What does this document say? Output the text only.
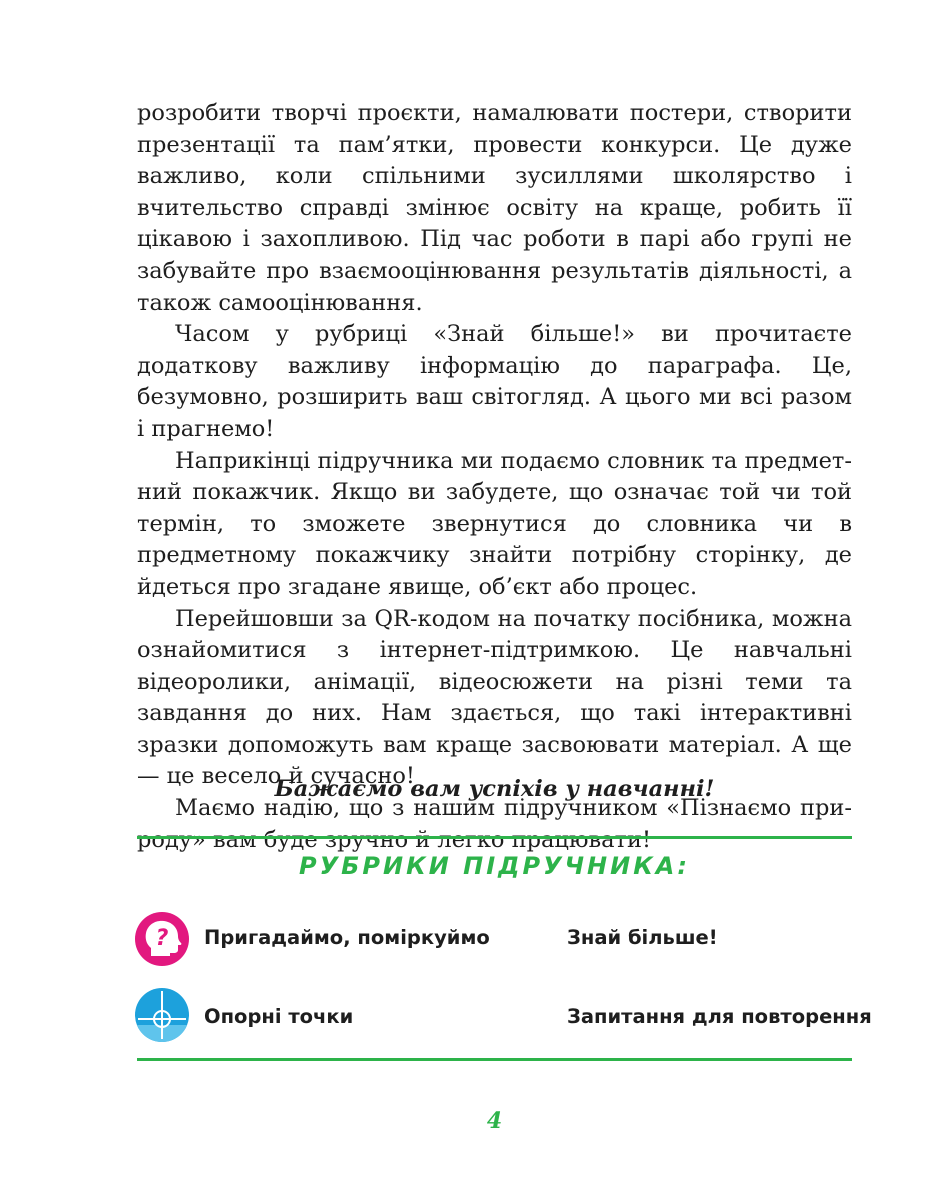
розробити творчі проєкти, намалювати постери, створити презентації та пам’ятки, провести конкурси. Це дуже важливо, коли спільними зусиллями школярство і вчительство справді змінює освіту на краще, робить її цікавою і захопливою. Під час роботи в парі або групі не забувайте про взаємооцінювання результатів діяльності, а також самооцінювання.

Часом у рубриці «Знай більше!» ви прочитаєте додаткову важливу інформацію до параграфа. Це, безумовно, розширить ваш світогляд. А цього ми всі разом і прагнемо!

Наприкінці підручника ми подаємо словник та предметний покажчик. Якщо ви забудете, що означає той чи той термін, то зможете звернутися до словника чи в предметному покажчику знайти потрібну сторінку, де йдеться про згадане явище, об’єкт або процес.

Перейшовши за QR-кодом на початку посібника, можна ознайомитися з інтернет-підтримкою. Це навчальні відеоролики, анімації, відеосюжети на різні теми та завдання до них. Нам здається, що такі інтерактивні зразки допоможуть вам краще засвоювати матеріал. А ще — це весело й сучасно!

Маємо надію, що з нашим підручником «Пізнаємо природу» вам буде зручно й легко працювати!

Бажаємо вам успіхів у навчанні!
РУБРИКИ ПІДРУЧНИКА:
? Пригадаймо, поміркуймо	Знай більше!
Опорні точки	Запитання для повторення
4
